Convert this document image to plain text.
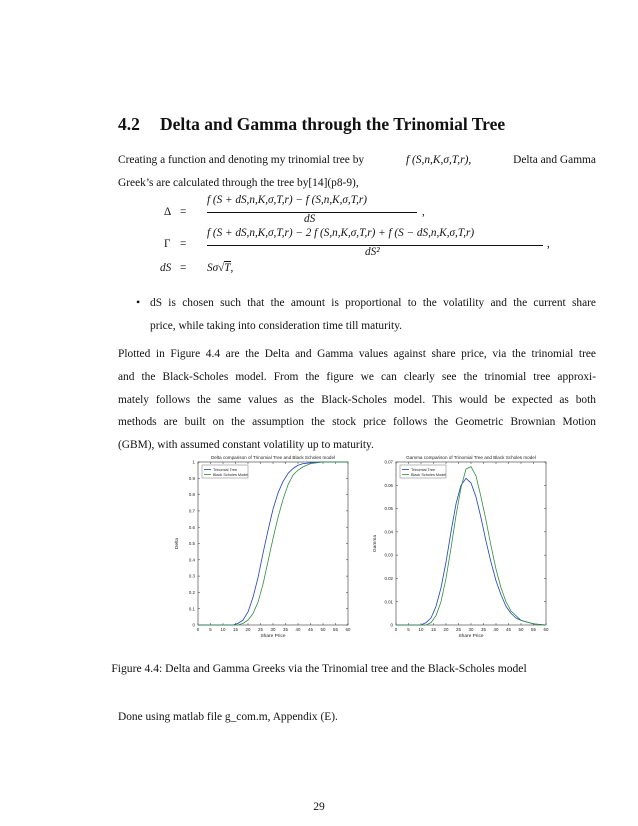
4.2 Delta and Gamma through the Trinomial Tree
Creating a function and denoting my trinomial tree by	f (S,n,K,σ,T,r),	Delta and Gamma
Greek’s are calculated through the tree by[14](p8-9),
Δ =
f (S + dS,n,K,σ,T,r) − f (S,n,K,σ,T,r)
dS
,
Γ =
f (S + dS,n,K,σ,T,r) − 2 f (S,n,K,σ,T,r) + f (S − dS,n,K,σ,T,r)
dS²
,
dS = Sσ√T,
• dS is chosen such that the amount is proportional to the volatility and the current share
price, while taking into consideration time till maturity.
Plotted in Figure 4.4 are the Delta and Gamma values against share price, via the trinomial tree
and the Black-Scholes model. From the figure we can clearly see the trinomial tree approxi-
mately follows the same values as the Black-Scholes model. This would be expected as both
methods are built on the assumption the stock price follows the Geometric Brownian Motion
(GBM), with assumed constant volatility up to maturity.
Delta comparison of Trinomial Tree and Black Scholes model
0
0.1
0.2
0.3
0.4
0.5
0.6
0.7
0.8
0.9
1
0 5 10 15 20 25 30 35 40 45 50 55 60
Share Price
Delta
Trinomial Tree
Black Scholes Model
Gamma comparison of Trinomial Tree and Black Scholes model
0
0.01
0.02
0.03
0.04
0.05
0.06
0.07
0 5 10 15 20 25 30 35 40 45 50 55 60
Share Price
Gamma
Trinomial Tree
Black Scholes Model
Figure 4.4: Delta and Gamma Greeks via the Trinomial tree and the Black-Scholes model
Done using matlab file g_com.m, Appendix (E).
29
